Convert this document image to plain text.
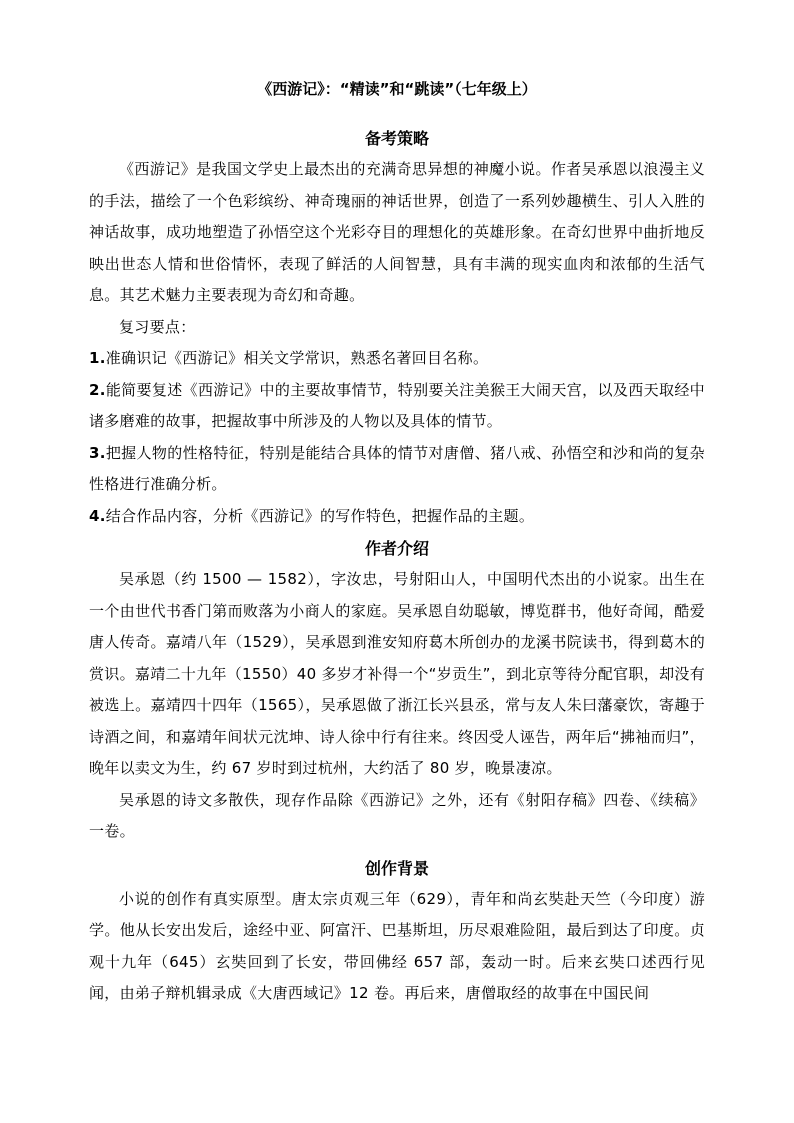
《西游记》：“精读”和“跳读”（七年级上）
备考策略

《西游记》是我国文学史上最杰出的充满奇思异想的神魔小说。作者吴承恩以浪漫主义的手法，描绘了一个色彩缤纷、神奇瑰丽的神话世界，创造了一系列妙趣横生、引人入胜的神话故事，成功地塑造了孙悟空这个光彩夺目的理想化的英雄形象。在奇幻世界中曲折地反映出世态人情和世俗情怀，表现了鲜活的人间智慧，具有丰满的现实血肉和浓郁的生活气息。其艺术魅力主要表现为奇幻和奇趣。

复习要点：

1.准确识记《西游记》相关文学常识，熟悉名著回目名称。

2.能简要复述《西游记》中的主要故事情节，特别要关注美猴王大闹天宫，以及西天取经中诸多磨难的故事，把握故事中所涉及的人物以及具体的情节。

3.把握人物的性格特征，特别是能结合具体的情节对唐僧、猪八戒、孙悟空和沙和尚的复杂性格进行准确分析。

4.结合作品内容，分析《西游记》的写作特色，把握作品的主题。

作者介绍

吴承恩（约 1500 — 1582），字汝忠，号射阳山人，中国明代杰出的小说家。出生在一个由世代书香门第而败落为小商人的家庭。吴承恩自幼聪敏，博览群书，他好奇闻，酷爱唐人传奇。嘉靖八年（1529），吴承恩到淮安知府葛木所创办的龙溪书院读书，得到葛木的赏识。嘉靖二十九年（1550）40 多岁才补得一个“岁贡生”，到北京等待分配官职，却没有被选上。嘉靖四十四年（1565），吴承恩做了浙江长兴县丞，常与友人朱曰藩豪饮，寄趣于诗酒之间，和嘉靖年间状元沈坤、诗人徐中行有往来。终因受人诬告，两年后“拂袖而归”，晚年以卖文为生，约 67 岁时到过杭州，大约活了 80 岁，晚景凄凉。

吴承恩的诗文多散佚，现存作品除《西游记》之外，还有《射阳存稿》四卷、《续稿》一卷。

创作背景

小说的创作有真实原型。唐太宗贞观三年（629），青年和尚玄奘赴天竺（今印度）游学。他从长安出发后，途经中亚、阿富汗、巴基斯坦，历尽艰难险阻，最后到达了印度。贞观十九年（645）玄奘回到了长安，带回佛经 657 部，轰动一时。后来玄奘口述西行见闻，由弟子辩机辑录成《大唐西域记》12 卷。再后来，唐僧取经的故事在中国民间
